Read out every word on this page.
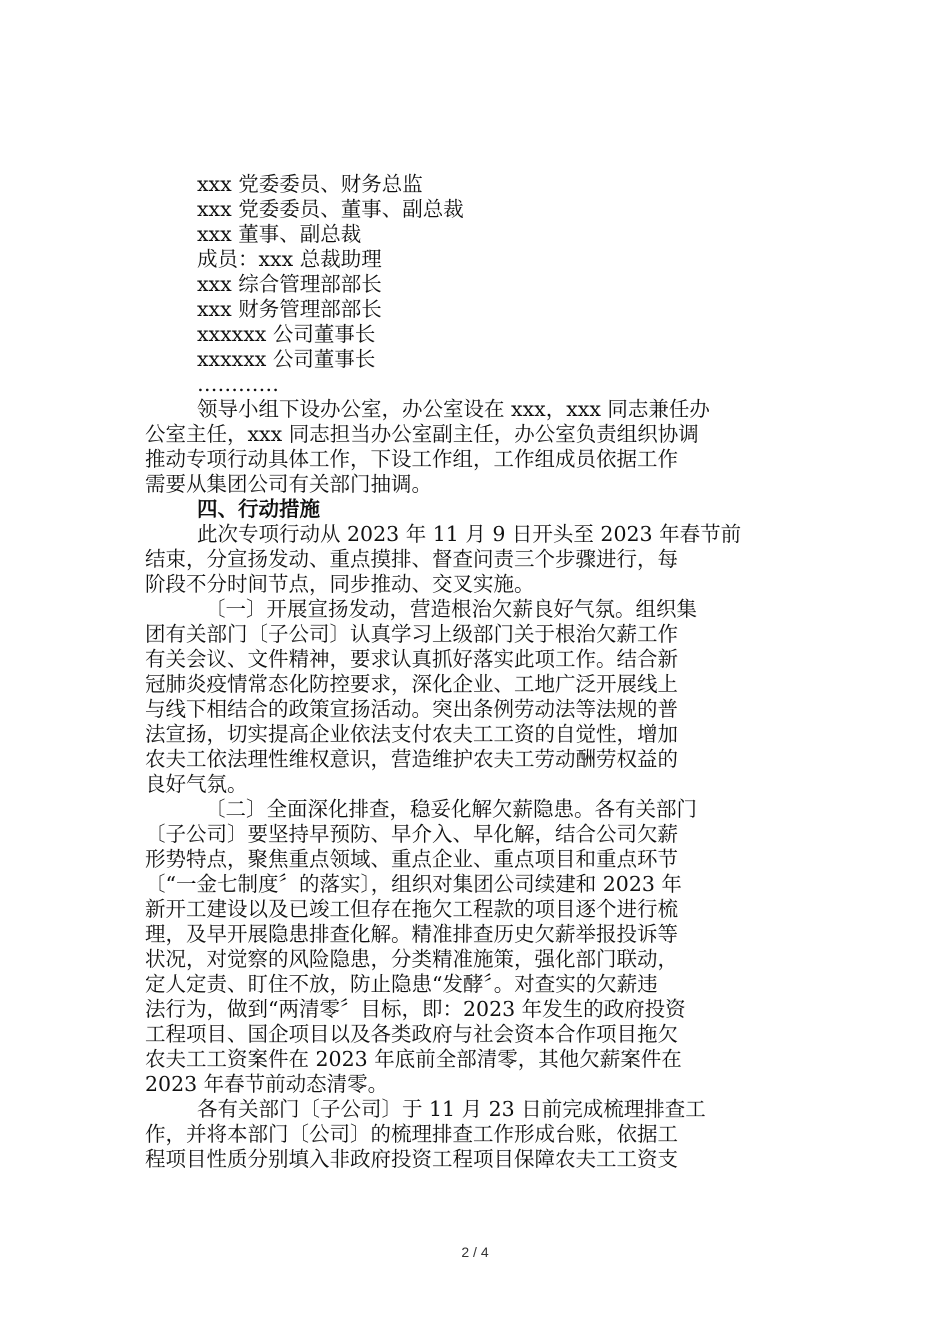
xxx 党委委员、财务总监
xxx 党委委员、董事、副总裁
xxx 董事、副总裁
成员：xxx 总裁助理
xxx 综合管理部部长
xxx 财务管理部部长
xxxxxx 公司董事长
xxxxxx 公司董事长
…………
领导小组下设办公室，办公室设在 xxx，xxx 同志兼任办
公室主任，xxx 同志担当办公室副主任，办公室负责组织协调
推动专项行动具体工作，下设工作组，工作组成员依据工作
需要从集团公司有关部门抽调。
四、行动措施
此次专项行动从 2023 年 11 月 9 日开头至 2023 年春节前
结束，分宣扬发动、重点摸排、督查问责三个步骤进行，每
阶段不分时间节点，同步推动、交叉实施。
〔一〕开展宣扬发动，营造根治欠薪良好气氛。组织集
团有关部门〔子公司〕认真学习上级部门关于根治欠薪工作
有关会议、文件精神，要求认真抓好落实此项工作。结合新
冠肺炎疫情常态化防控要求，深化企业、工地广泛开展线上
与线下相结合的政策宣扬活动。突出条例劳动法等法规的普
法宣扬，切实提高企业依法支付农夫工工资的自觉性，增加
农夫工依法理性维权意识，营造维护农夫工劳动酬劳权益的
良好气氛。
〔二〕全面深化排查，稳妥化解欠薪隐患。各有关部门
〔子公司〕要坚持早预防、早介入、早化解，结合公司欠薪
形势特点，聚焦重点领域、重点企业、重点项目和重点环节
〔“一金七制度〞的落实〕，组织对集团公司续建和 2023 年
新开工建设以及已竣工但存在拖欠工程款的项目逐个进行梳
理，及早开展隐患排查化解。精准排查历史欠薪举报投诉等
状况，对觉察的风险隐患，分类精准施策，强化部门联动，
定人定责、盯住不放，防止隐患“发酵〞。对查实的欠薪违
法行为，做到“两清零〞目标，即：2023 年发生的政府投资
工程项目、国企项目以及各类政府与社会资本合作项目拖欠
农夫工工资案件在 2023 年底前全部清零，其他欠薪案件在
2023 年春节前动态清零。
各有关部门〔子公司〕于 11 月 23 日前完成梳理排查工
作，并将本部门〔公司〕的梳理排查工作形成台账，依据工
程项目性质分别填入非政府投资工程项目保障农夫工工资支
2 / 4
